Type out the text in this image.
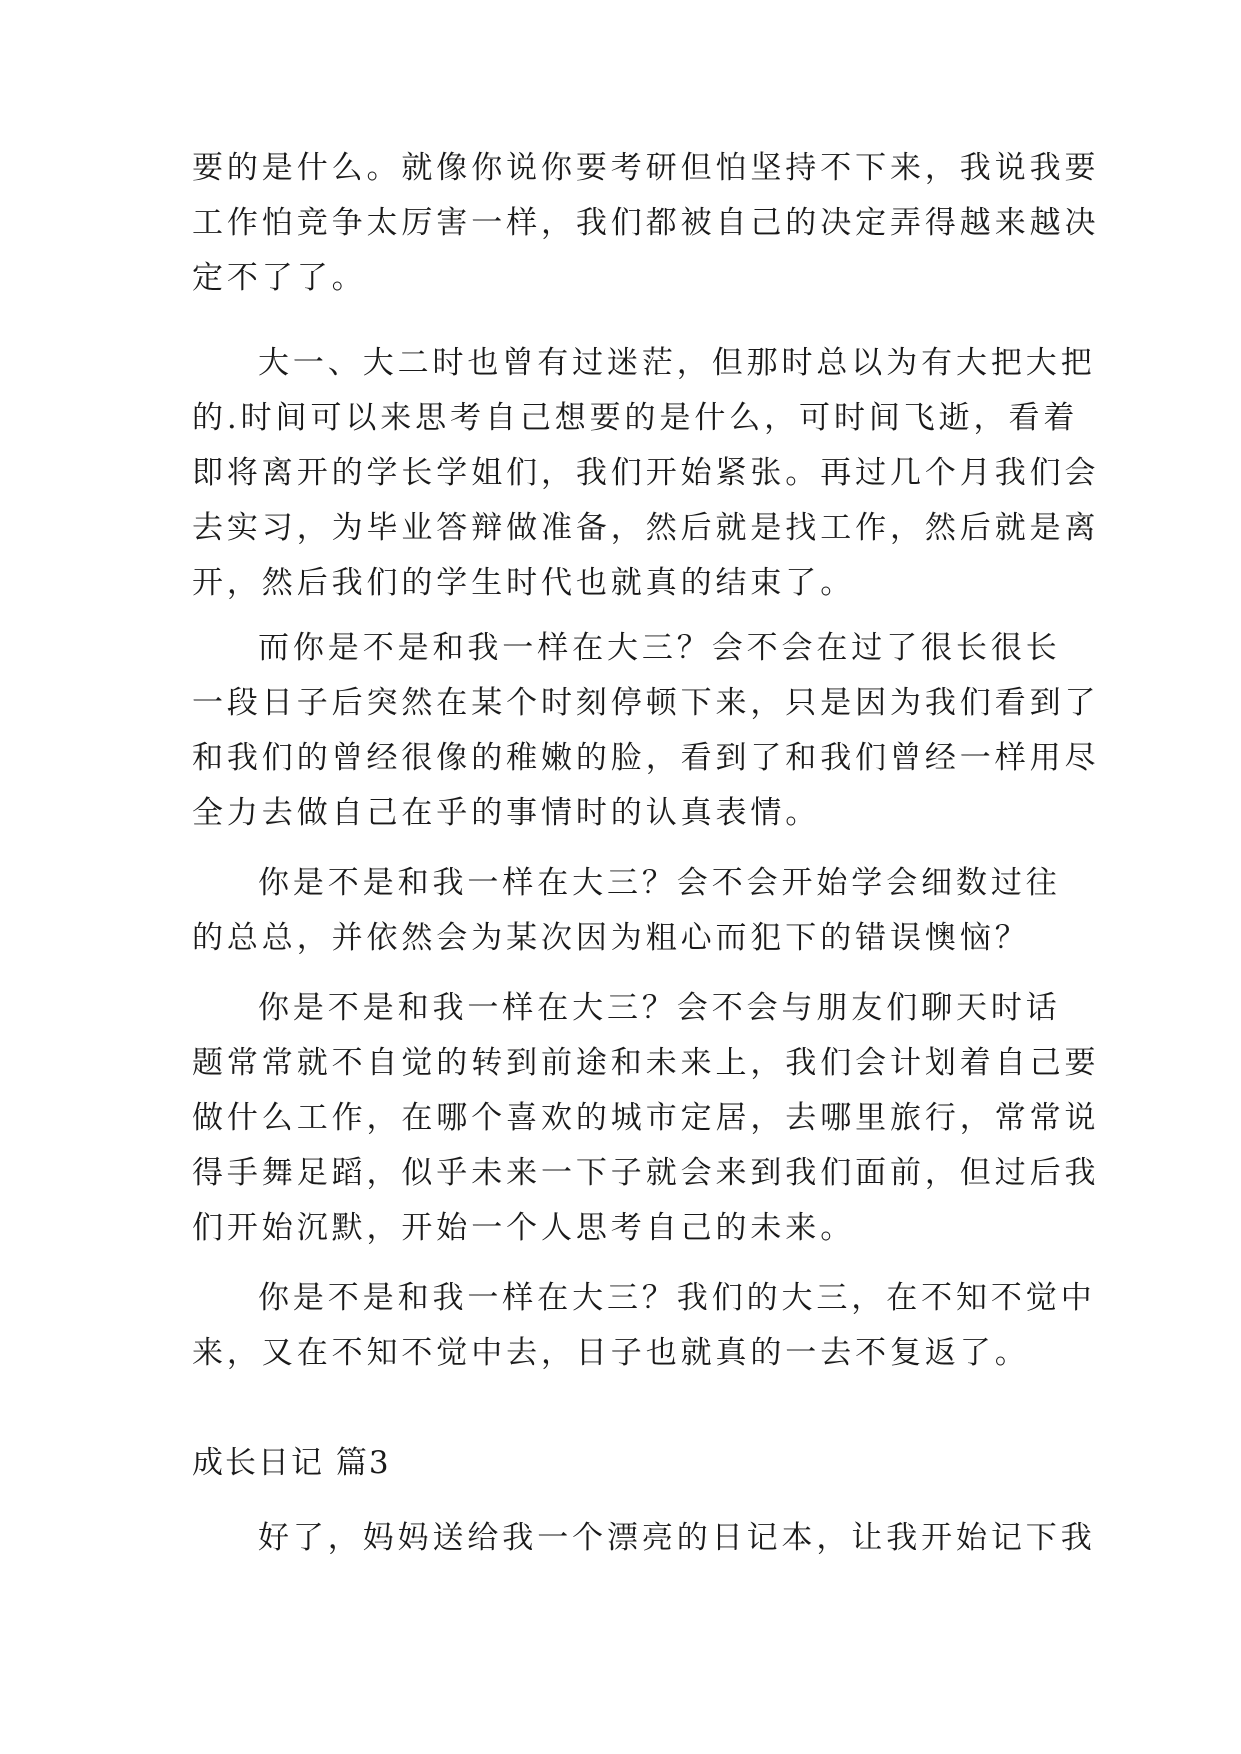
要的是什么。就像你说你要考研但怕坚持不下来，我说我要
工作怕竞争太厉害一样，我们都被自己的决定弄得越来越决
定不了了。
大一、大二时也曾有过迷茫，但那时总以为有大把大把
的.时间可以来思考自己想要的是什么，可时间飞逝，看着
即将离开的学长学姐们，我们开始紧张。再过几个月我们会
去实习，为毕业答辩做准备，然后就是找工作，然后就是离
开，然后我们的学生时代也就真的结束了。
而你是不是和我一样在大三？会不会在过了很长很长
一段日子后突然在某个时刻停顿下来，只是因为我们看到了
和我们的曾经很像的稚嫩的脸，看到了和我们曾经一样用尽
全力去做自己在乎的事情时的认真表情。
你是不是和我一样在大三？会不会开始学会细数过往
的总总，并依然会为某次因为粗心而犯下的错误懊恼？
你是不是和我一样在大三？会不会与朋友们聊天时话
题常常就不自觉的转到前途和未来上，我们会计划着自己要
做什么工作，在哪个喜欢的城市定居，去哪里旅行，常常说
得手舞足蹈，似乎未来一下子就会来到我们面前，但过后我
们开始沉默，开始一个人思考自己的未来。
你是不是和我一样在大三？我们的大三，在不知不觉中
来，又在不知不觉中去，日子也就真的一去不复返了。
成长日记 篇3
好了，妈妈送给我一个漂亮的日记本，让我开始记下我
